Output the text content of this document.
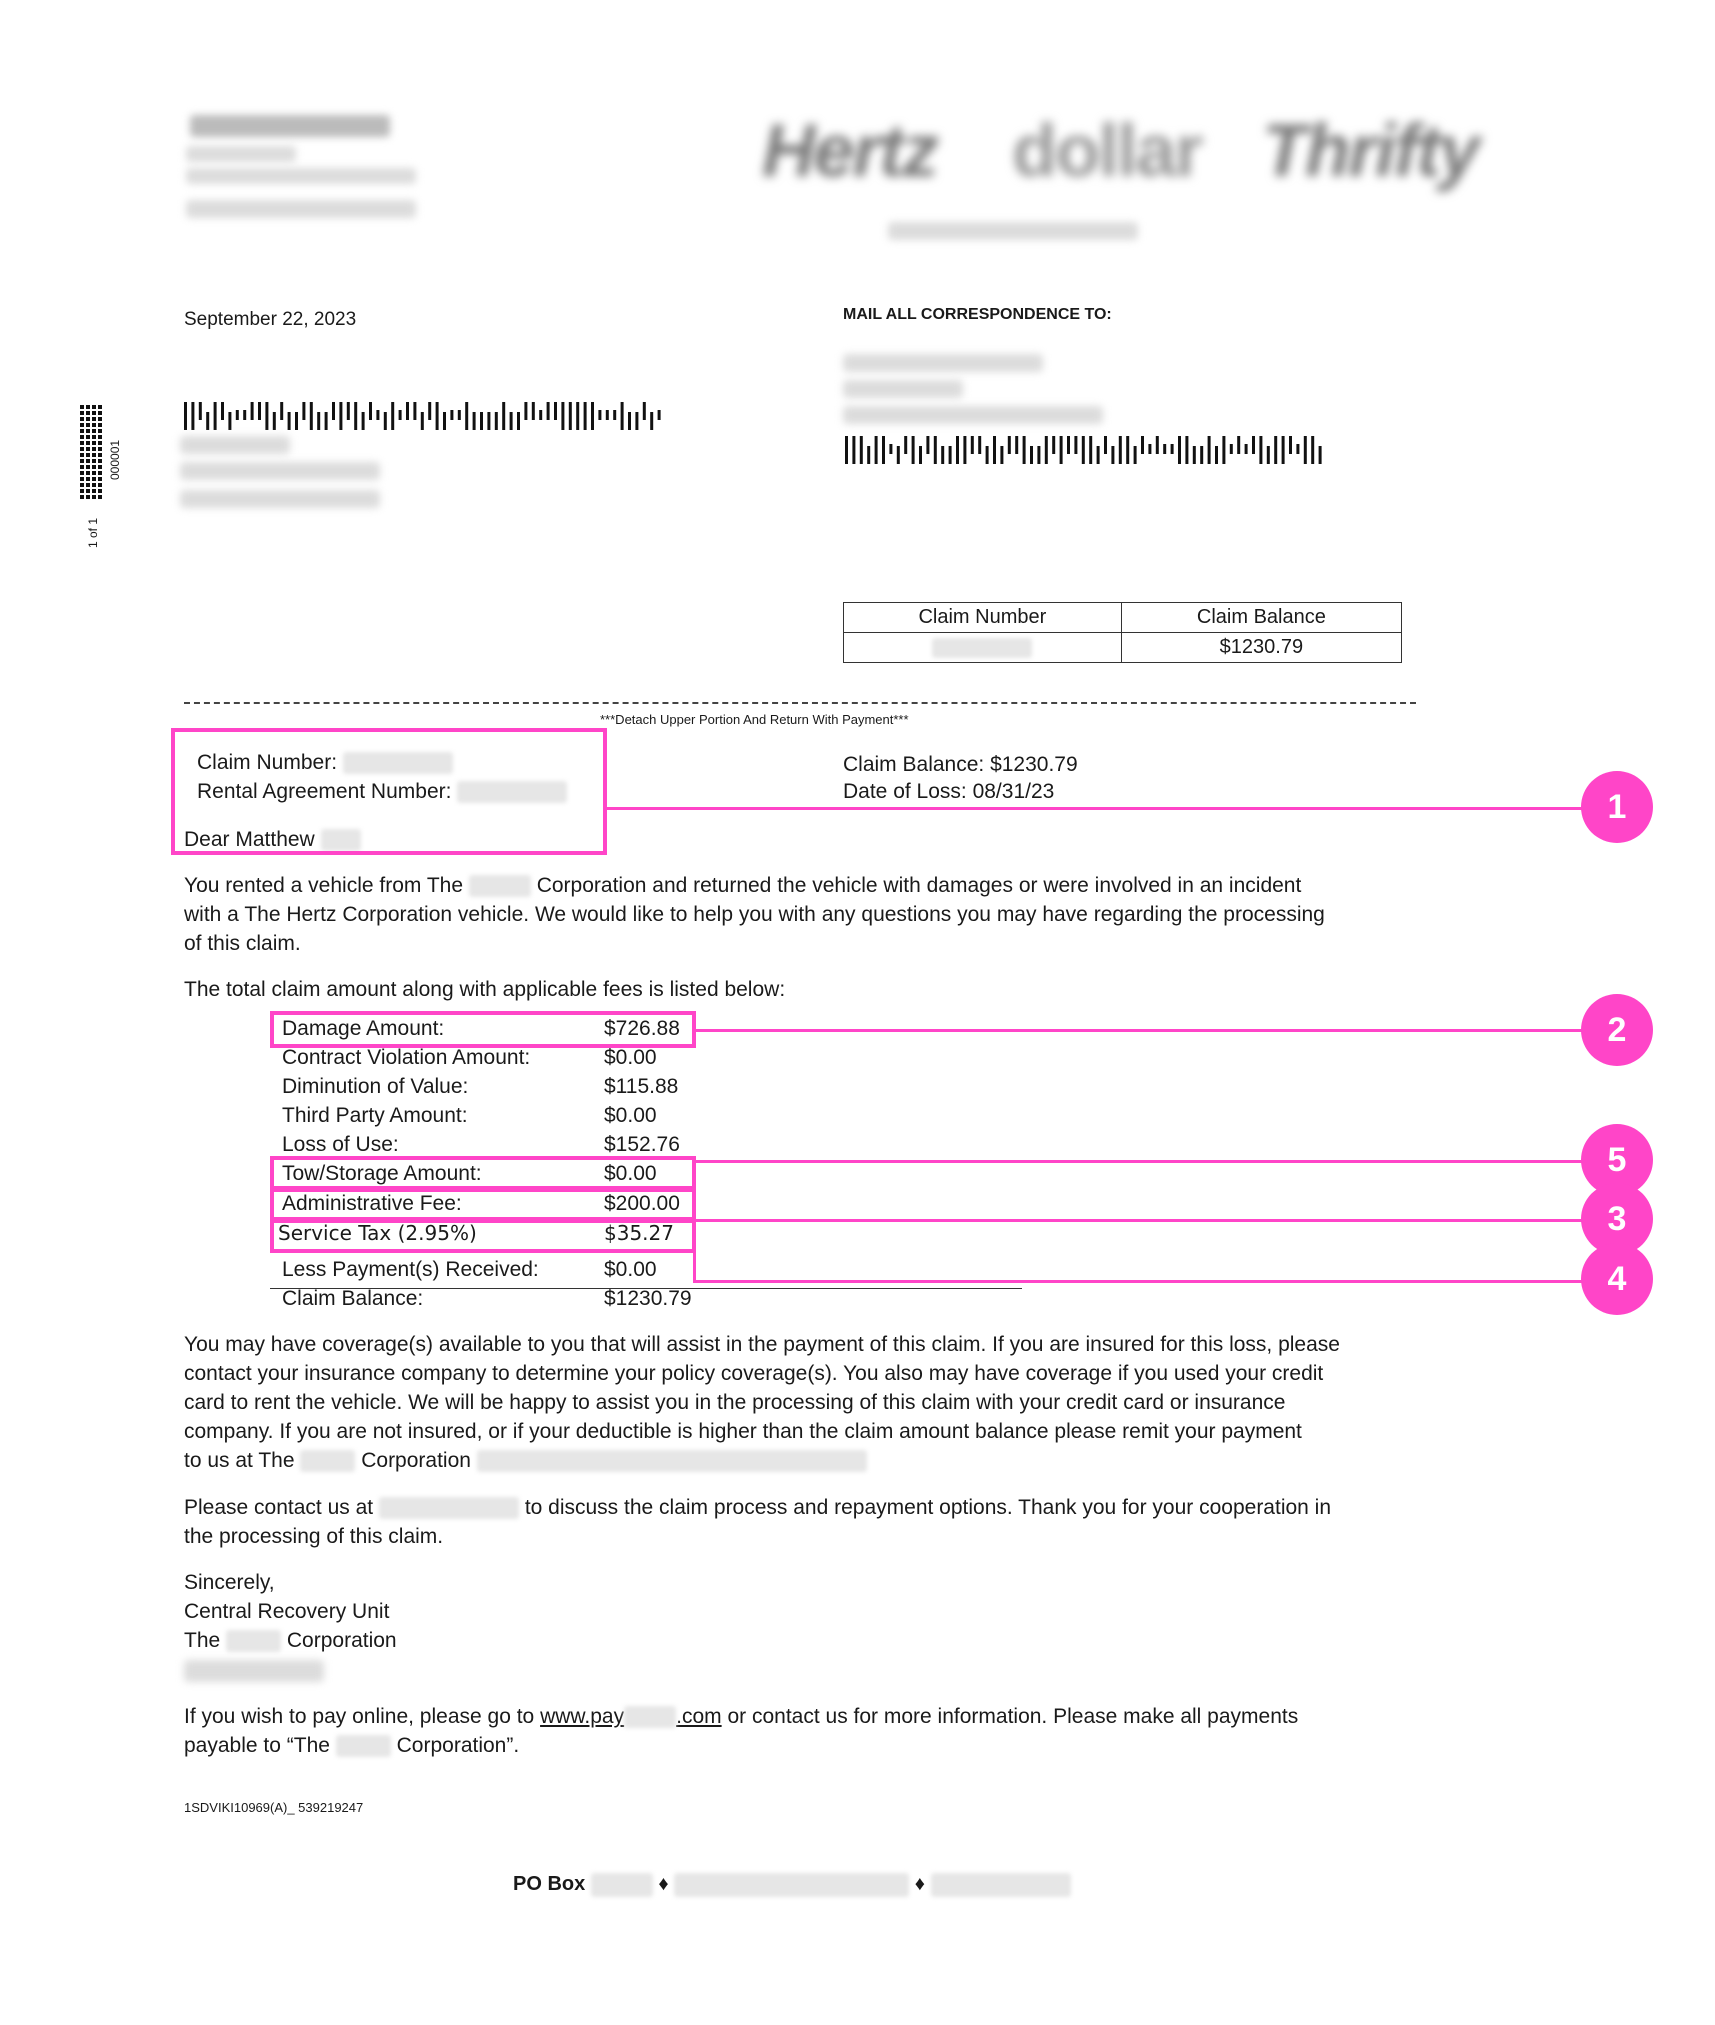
Hertz dollar Thrifty
000001
1 of 1
September 22, 2023	MAIL ALL CORRESPONDENCE TO:
Claim Number	Claim Balance
	$1230.79
***Detach Upper Portion And Return With Payment***
Claim Number:
Rental Agreement Number:
Dear Matthew
Claim Balance: $1230.79
Date of Loss: 08/31/23
You rented a vehicle from The	Corporation and returned the vehicle with damages or were involved in an incident
with a The Hertz Corporation vehicle. We would like to help you with any questions you may have regarding the processing
of this claim.
The total claim amount along with applicable fees is listed below:
Damage Amount:	$726.88
Contract Violation Amount:	$0.00
Diminution of Value:	$115.88
Third Party Amount:	$0.00
Loss of Use:	$152.76
Tow/Storage Amount:	$0.00
Administrative Fee:	$200.00
Service Tax (2.95%)	$35.27
Less Payment(s) Received:	$0.00
Claim Balance:	$1230.79
You may have coverage(s) available to you that will assist in the payment of this claim. If you are insured for this loss, please
contact your insurance company to determine your policy coverage(s). You also may have coverage if you used your credit
card to rent the vehicle. We will be happy to assist you in the processing of this claim with your credit card or insurance
company. If you are not insured, or if your deductible is higher than the claim amount balance please remit your payment
to us at The	Corporation
Please contact us at	to discuss the claim process and repayment options. Thank you for your cooperation in
the processing of this claim.
Sincerely,
Central Recovery Unit
The	Corporation
If you wish to pay online, please go to www.pay .com or contact us for more information. Please make all payments
payable to “The	Corporation”.
1SDVIKI10969(A)_ 539219247
PO Box	♦	♦
1
2
5
3
4
